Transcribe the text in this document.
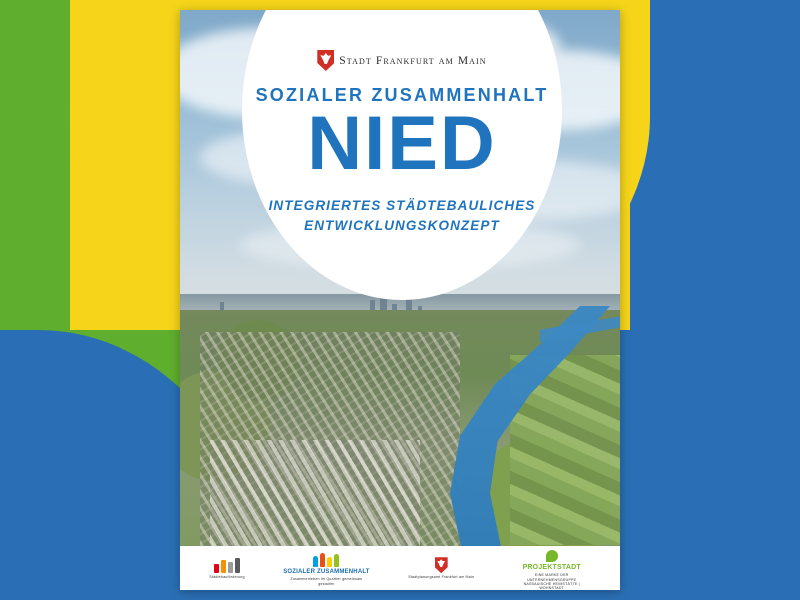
Stadt Frankfurt am Main
SOZIALER ZUSAMMENHALT
NIED
INTEGRIERTES STÄDTEBAULICHES
ENTWICKLUNGSKONZEPT
Städtebauförderung
SOZIALER ZUSAMMENHALT
Zusammenleben im Quartier gemeinsam gestalten
Stadtplanungsamt Frankfurt am Main
PROJEKTSTADT
EINE MARKE DER UNTERNEHMENSGRUPPE NASSAUISCHE HEIMSTÄTTE | WOHNSTADT
